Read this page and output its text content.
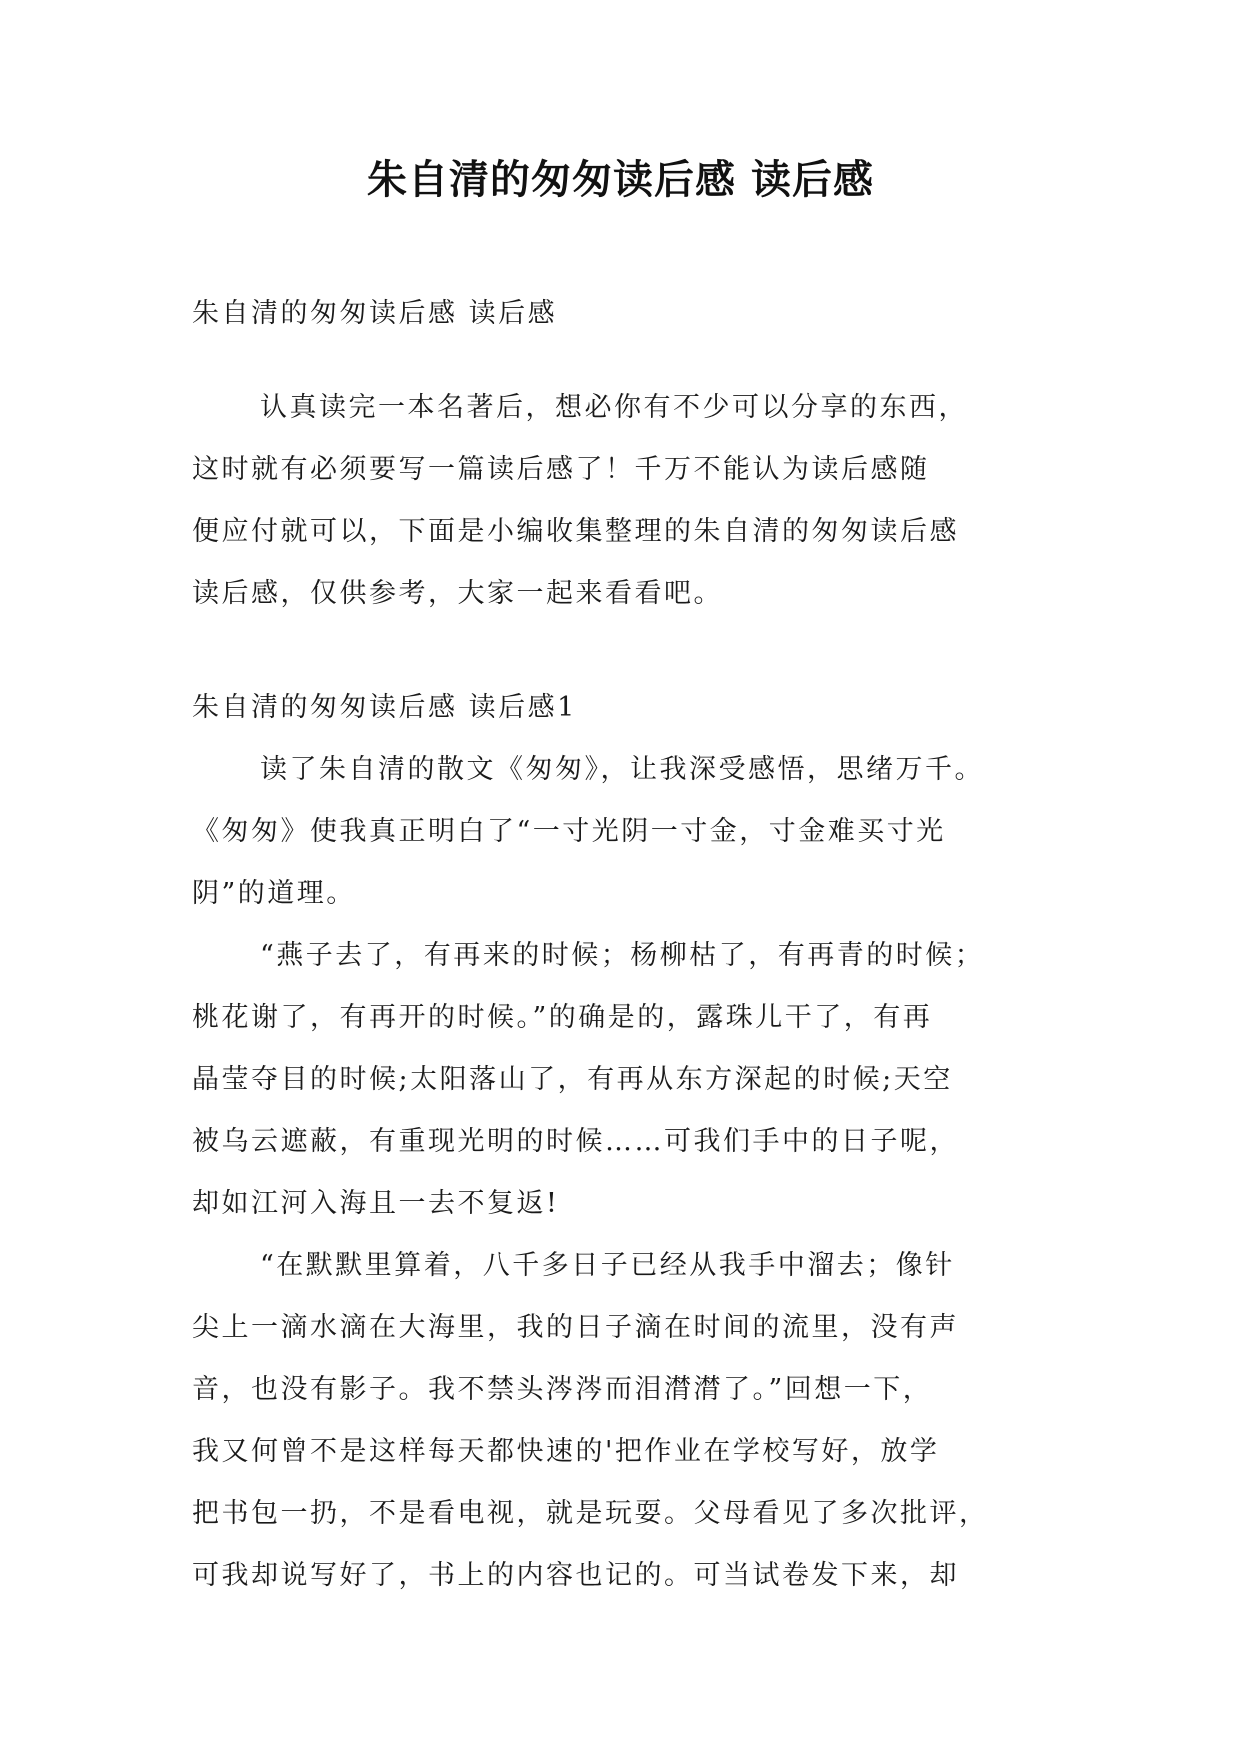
朱自清的匆匆读后感 读后感
朱自清的匆匆读后感 读后感
认真读完一本名著后，想必你有不少可以分享的东西，
这时就有必须要写一篇读后感了！千万不能认为读后感随
便应付就可以，下面是小编收集整理的朱自清的匆匆读后感
读后感，仅供参考，大家一起来看看吧。
朱自清的匆匆读后感 读后感1
读了朱自清的散文《匆匆》，让我深受感悟，思绪万千。
《匆匆》使我真正明白了“一寸光阴一寸金，寸金难买寸光
阴”的道理。
“燕子去了，有再来的时候；杨柳枯了，有再青的时候；
桃花谢了，有再开的时候。”的确是的，露珠儿干了，有再
晶莹夺目的时候;太阳落山了，有再从东方深起的时候;天空
被乌云遮蔽，有重现光明的时候……可我们手中的日子呢，
却如江河入海且一去不复返!
“在默默里算着，八千多日子已经从我手中溜去；像针
尖上一滴水滴在大海里，我的日子滴在时间的流里，没有声
音，也没有影子。我不禁头涔涔而泪潸潸了。”回想一下，
我又何曾不是这样每天都快速的'把作业在学校写好，放学
把书包一扔，不是看电视，就是玩耍。父母看见了多次批评，
可我却说写好了，书上的内容也记的。可当试卷发下来，却
